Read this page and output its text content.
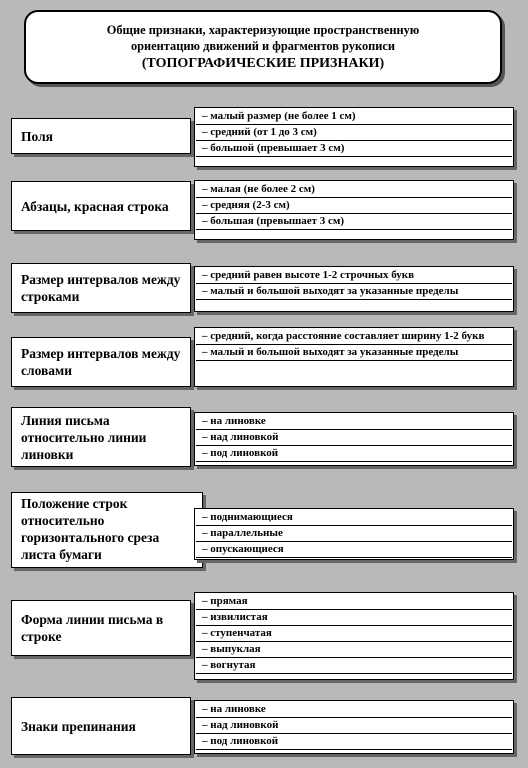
Общие признаки, характеризующие пространственную
ориентацию движений и фрагментов рукописи
(ТОПОГРАФИЧЕСКИЕ ПРИЗНАКИ)
Поля
– малый размер (не более 1 см)
– средний (от 1 до 3 см)
– большой (превышает 3 см)
Абзацы, красная строка
– малая (не более 2 см)
– средняя (2-3 см)
– большая (превышает 3 см)
Размер интервалов между строками
– средний равен высоте 1-2 строчных букв
– малый и большой выходят за указанные пределы
Размер интервалов между словами
– средний, когда расстояние составляет ширину 1-2 букв
– малый и большой выходят за указанные пределы
Линия письма относительно линии линовки
– на линовке
– над линовкой
– под линовкой
Положение строк относительно горизонтального среза листа бумаги
– поднимающиеся
– параллельные
– опускающиеся
Форма линии письма в строке
– прямая
– извилистая
– ступенчатая
– выпуклая
– вогнутая
Знаки препинания
– на линовке
– над линовкой
– под линовкой
